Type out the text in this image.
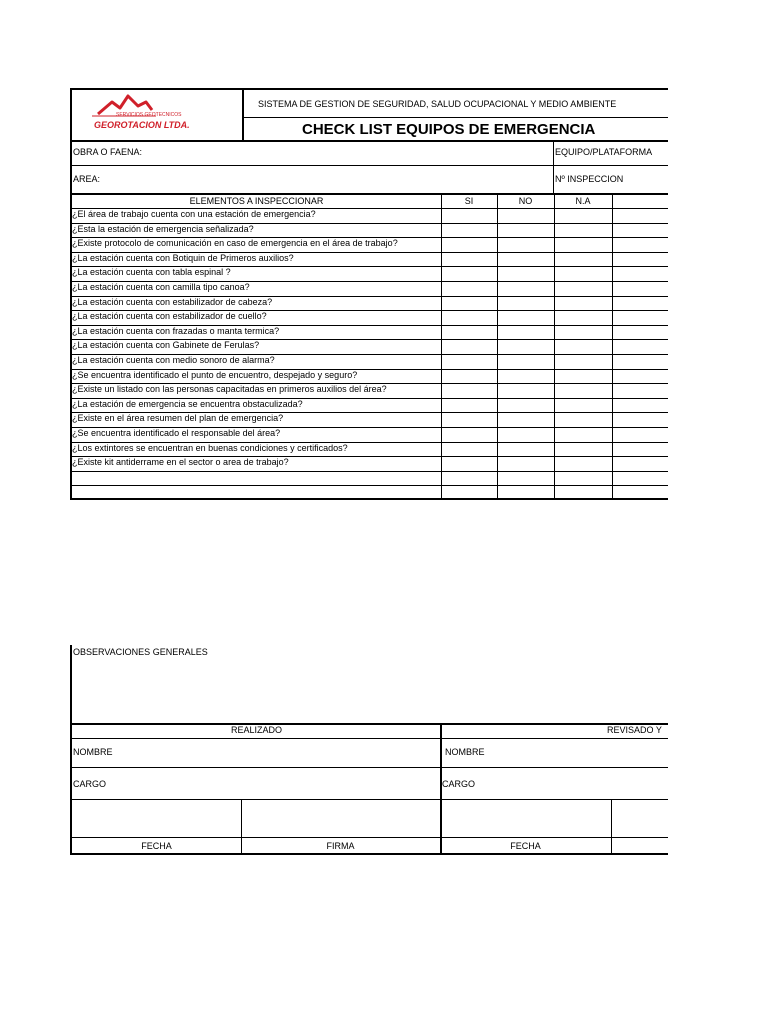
SERVICIOS GEOTECNICOS
GEOROTACION LTDA.
SISTEMA DE GESTION DE SEGURIDAD, SALUD OCUPACIONAL Y MEDIO AMBIENTE
CHECK LIST EQUIPOS DE EMERGENCIA
OBRA O FAENA:	EQUIPO/PLATAFORMA
AREA:	Nº INSPECCION
ELEMENTOS A INSPECCIONAR	SI	NO	N.A
¿El área de trabajo cuenta con una estación de emergencia?
¿Esta la estación de emergencia señalizada?
¿Existe protocolo de comunicación en caso de emergencia en el área de trabajo?
¿La estación cuenta con Botiquin de Primeros auxilios?
¿La estación cuenta con tabla espinal ?
¿La estación cuenta con camilla tipo canoa?
¿La estación cuenta con estabilizador de cabeza?
¿La estación cuenta con estabilizador de cuello?
¿La estación cuenta con frazadas o manta termica?
¿La estación cuenta con Gabinete de Ferulas?
¿La estación cuenta con medio sonoro de alarma?
¿Se encuentra identificado el punto de encuentro, despejado y seguro?
¿Existe un listado con las personas capacitadas en primeros auxilios del área?
¿La estación de emergencia se encuentra obstaculizada?
¿Existe en el área resumen del plan de emergencia?
¿Se encuentra identificado el responsable del área?
¿Los extintores se encuentran en buenas condiciones y certificados?
¿Existe kit antiderrame en el sector o area de trabajo?
OBSERVACIONES GENERALES
REALIZADO	REVISADO Y
NOMBRE	NOMBRE
CARGO	CARGO
FECHA	FIRMA	FECHA
